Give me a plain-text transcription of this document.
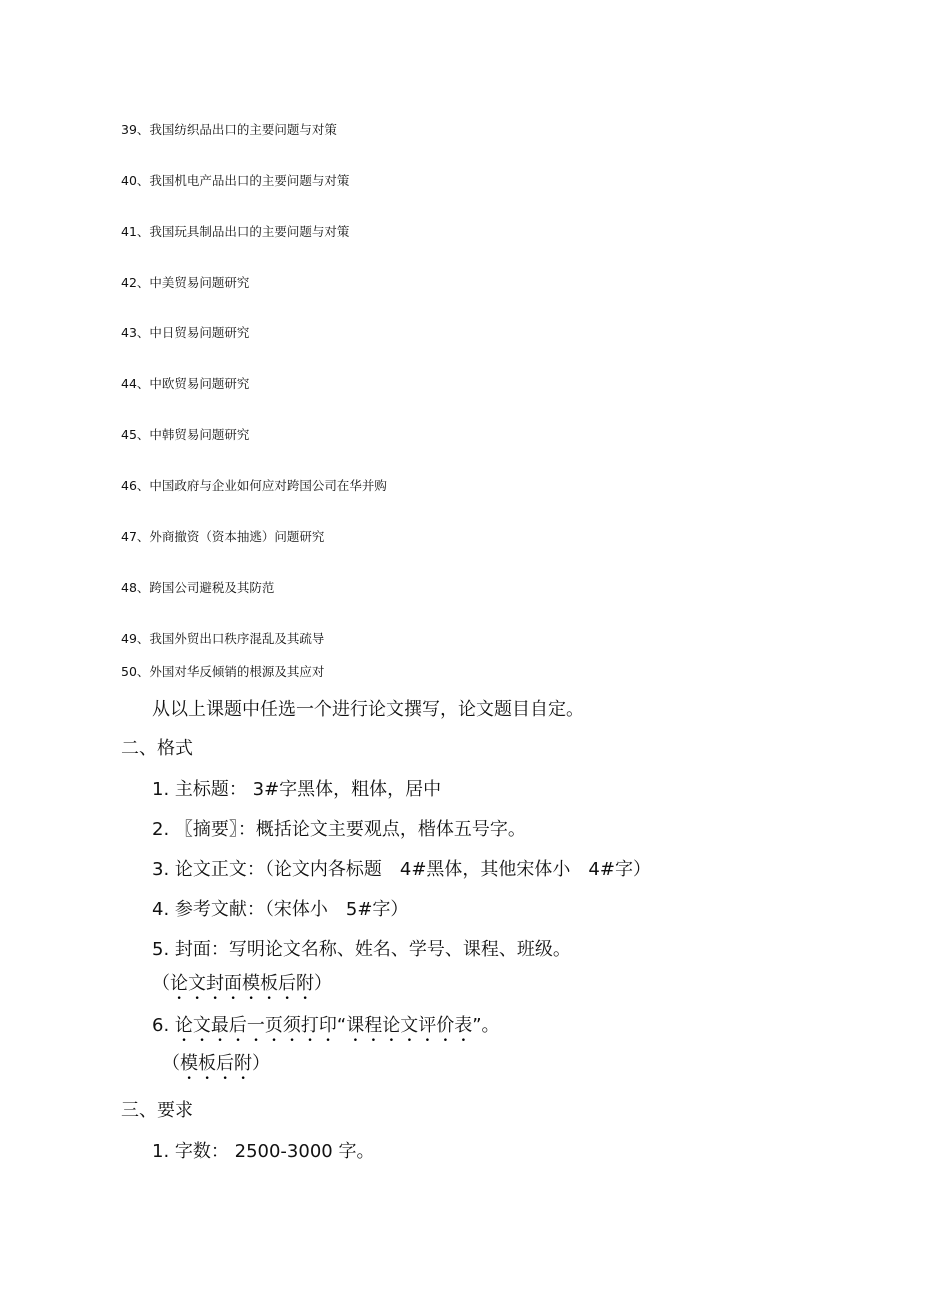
39、我国纺织品出口的主要问题与对策
40、我国机电产品出口的主要问题与对策
41、我国玩具制品出口的主要问题与对策
42、中美贸易问题研究
43、中日贸易问题研究
44、中欧贸易问题研究
45、中韩贸易问题研究
46、中国政府与企业如何应对跨国公司在华并购
47、外商撤资（资本抽逃）问题研究
48、跨国公司避税及其防范
49、我国外贸出口秩序混乱及其疏导
50、外国对华反倾销的根源及其应对
从以上课题中任选一个进行论文撰写，论文题目自定。
二、格式
1. 主标题： 3#字黑体，粗体，居中
2. 〖摘要〗：概括论文主要观点，楷体五号字。
3. 论文正文：（论文内各标题　4#黑体，其他宋体小　4#字）
4. 参考文献：（宋体小　5#字）
5. 封面：写明论文名称、姓名、学号、课程、班级。
（论文封面模板后附）
6. 论文最后一页须打印“课程论文评价表”。
（模板后附）
三、要求
1. 字数： 2500-3000 字。
